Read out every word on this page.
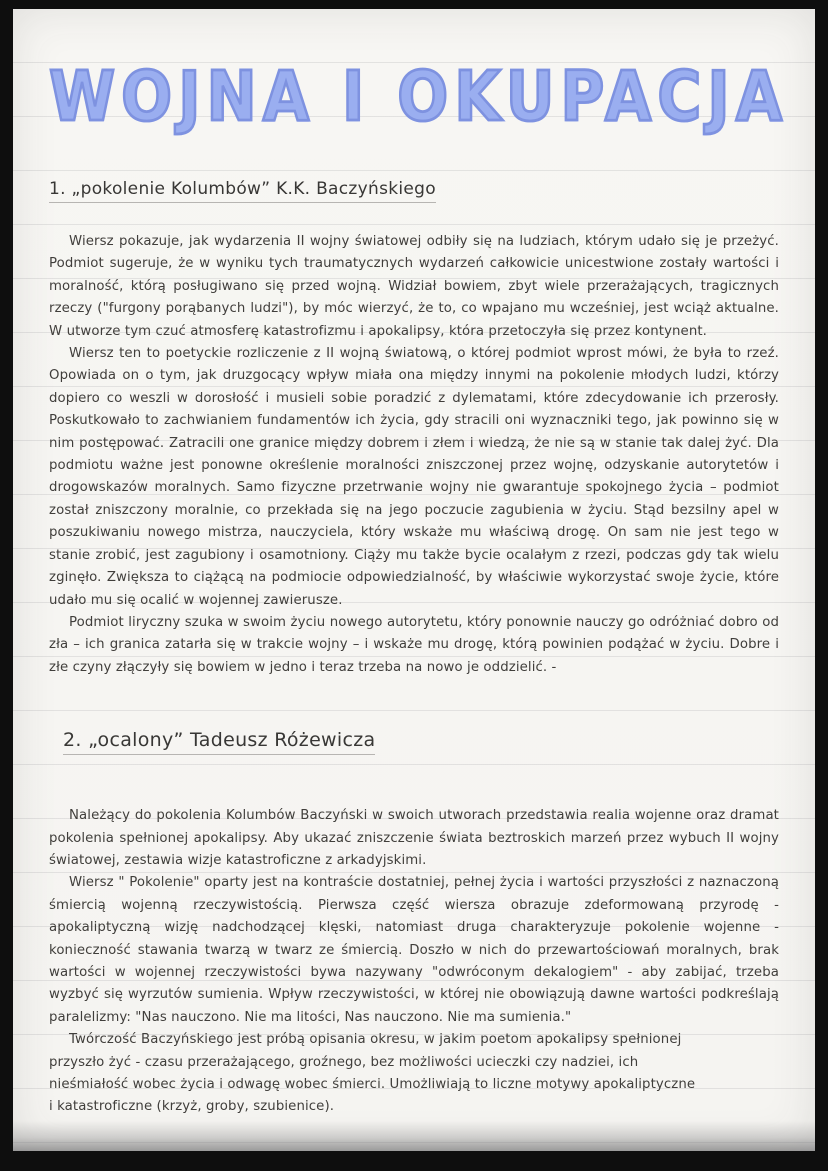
WOJNA I OKUPACJA
1. „pokolenie Kolumbów” K.K. Baczyńskiego

Wiersz pokazuje, jak wydarzenia II wojny światowej odbiły się na ludziach, którym udało się je przeżyć. Podmiot sugeruje, że w wyniku tych traumatycznych wydarzeń całkowicie unicestwione zostały wartości i moralność, którą posługiwano się przed wojną. Widział bowiem, zbyt wiele przerażających, tragicznych rzeczy ("furgony porąbanych ludzi"), by móc wierzyć, że to, co wpajano mu wcześniej, jest wciąż aktualne. W utworze tym czuć atmosferę katastrofizmu i apokalipsy, która przetoczyła się przez kontynent.

Wiersz ten to poetyckie rozliczenie z II wojną światową, o której podmiot wprost mówi, że była to rzeź. Opowiada on o tym, jak druzgocący wpływ miała ona między innymi na pokolenie młodych ludzi, którzy dopiero co weszli w dorosłość i musieli sobie poradzić z dylematami, które zdecydowanie ich przerosły. Poskutkowało to zachwianiem fundamentów ich życia, gdy stracili oni wyznaczniki tego, jak powinno się w nim postępować. Zatracili one granice między dobrem i złem i wiedzą, że nie są w stanie tak dalej żyć. Dla podmiotu ważne jest ponowne określenie moralności zniszczonej przez wojnę, odzyskanie autorytetów i drogowskazów moralnych. Samo fizyczne przetrwanie wojny nie gwarantuje spokojnego życia – podmiot został zniszczony moralnie, co przekłada się na jego poczucie zagubienia w życiu. Stąd bezsilny apel w poszukiwaniu nowego mistrza, nauczyciela, który wskaże mu właściwą drogę. On sam nie jest tego w stanie zrobić, jest zagubiony i osamotniony. Ciąży mu także bycie ocalałym z rzezi, podczas gdy tak wielu zginęło. Zwiększa to ciążącą na podmiocie odpowiedzialność, by właściwie wykorzystać swoje życie, które udało mu się ocalić w wojennej zawierusze.

Podmiot liryczny szuka w swoim życiu nowego autorytetu, który ponownie nauczy go odróżniać dobro od zła – ich granica zatarła się w trakcie wojny – i wskaże mu drogę, którą powinien podążać w życiu. Dobre i złe czyny złączyły się bowiem w jedno i teraz trzeba na nowo je oddzielić. -

2. „ocalony” Tadeusz Różewicza

Należący do pokolenia Kolumbów Baczyński w swoich utworach przedstawia realia wojenne oraz dramat pokolenia spełnionej apokalipsy. Aby ukazać zniszczenie świata beztroskich marzeń przez wybuch II wojny światowej, zestawia wizje katastroficzne z arkadyjskimi.

Wiersz " Pokolenie" oparty jest na kontraście dostatniej, pełnej życia i wartości przyszłości z naznaczoną śmiercią wojenną rzeczywistością. Pierwsza część wiersza obrazuje zdeformowaną przyrodę - apokaliptyczną wizję nadchodzącej klęski, natomiast druga charakteryzuje pokolenie wojenne - konieczność stawania twarzą w twarz ze śmiercią. Doszło w nich do przewartościowań moralnych, brak wartości w wojennej rzeczywistości bywa nazywany "odwróconym dekalogiem" - aby zabijać, trzeba wyzbyć się wyrzutów sumienia. Wpływ rzeczywistości, w której nie obowiązują dawne wartości podkreślają paralelizmy: "Nas nauczono. Nie ma litości, Nas nauczono. Nie ma sumienia."

Twórczość Baczyńskiego jest próbą opisania okresu, w jakim poetom apokalipsy spełnionej przyszło żyć - czasu przerażającego, groźnego, bez możliwości ucieczki czy nadziei, ich nieśmiałość wobec życia i odwagę wobec śmierci. Umożliwiają to liczne motywy apokaliptyczne i katastroficzne (krzyż, groby, szubienice).
